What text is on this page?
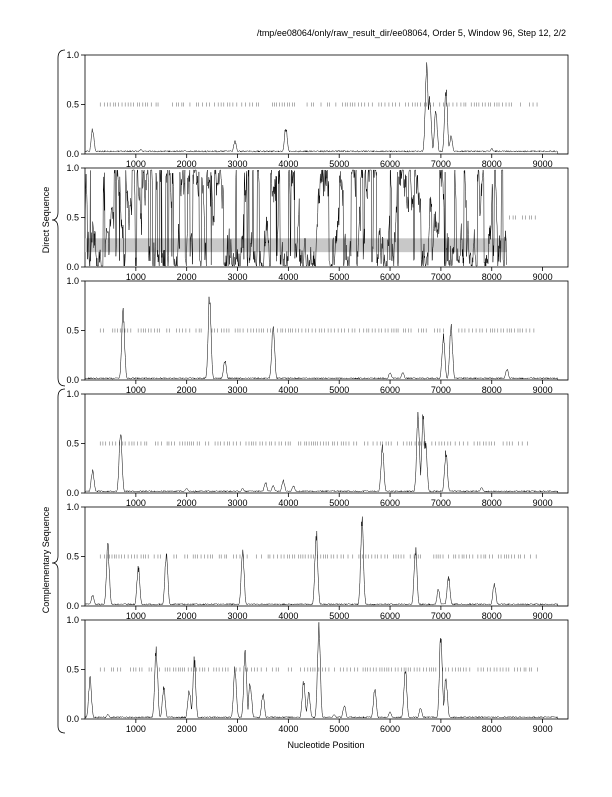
/tmp/ee08064/only/raw_result_dir/ee08064, Order 5, Window 96, Step 12, 2/2
Direct Sequence
Complementary Sequence
Nucleotide Position
0.0
0.5
1.0
1000	2000	3000	4000	5000	6000	7000	8000	9000
0.0
0.5
1.0
1000	2000	3000	4000	5000	6000	7000	8000	9000
0.0
0.5
1.0
1000	2000	3000	4000	5000	6000	7000	8000	9000
0.0
0.5
1.0
1000	2000	3000	4000	5000	6000	7000	8000	9000
0.0
0.5
1.0
1000	2000	3000	4000	5000	6000	7000	8000	9000
0.0
0.5
1.0
1000	2000	3000	4000	5000	6000	7000	8000	9000
